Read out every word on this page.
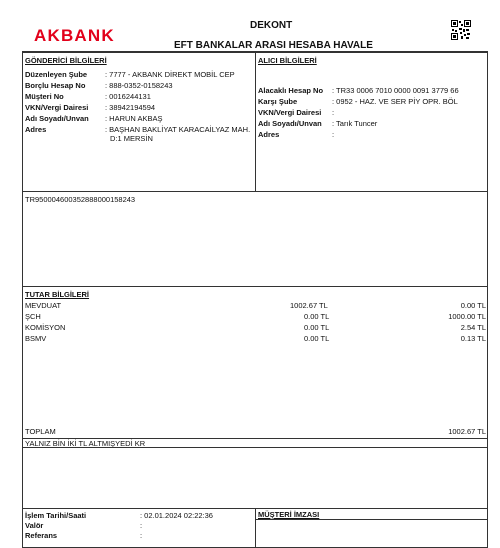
AKBANK
DEKONT
EFT BANKALAR ARASI HESABA HAVALE
GÖNDERİCİ BİLGİLERİ	ALICI BİLGİLERİ
Düzenleyen Şube : 7777 - AKBANK DİREKT MOBİL CEP
Borçlu Hesap No	: 888-0352-0158243
Müşteri No	: 0016244131
VKN/Vergi Dairesi : 38942194594
Adı Soyadı/Unvan : HARUN AKBAŞ
Adres	: BAŞHAN BAKLİYAT KARACAİLYAZ MAH.
D:1 MERSİN
Alacaklı Hesap No : TR33 0006 7010 0000 0091 3779 66
Karşı Şube	: 0952 - HAZ. VE SER PİY OPR. BÖL
VKN/Vergi Dairesi :
Adı Soyadı/Unvan : Tarık Tuncer
Adres	:
TR950004600352888000158243
TUTAR BİLGİLERİ
MEVDUAT	1002.67 TL	0.00 TL
ŞCH	0.00 TL	1000.00 TL
KOMİSYON	0.00 TL	2.54 TL
BSMV	0.00 TL	0.13 TL
TOPLAM	1002.67 TL
YALNIZ BİN İKİ TL ALTMIŞYEDİ KR
İşlem Tarihi/Saati	: 02.01.2024 02:22:36
Valör	:
Referans	:
MÜŞTERİ İMZASI
